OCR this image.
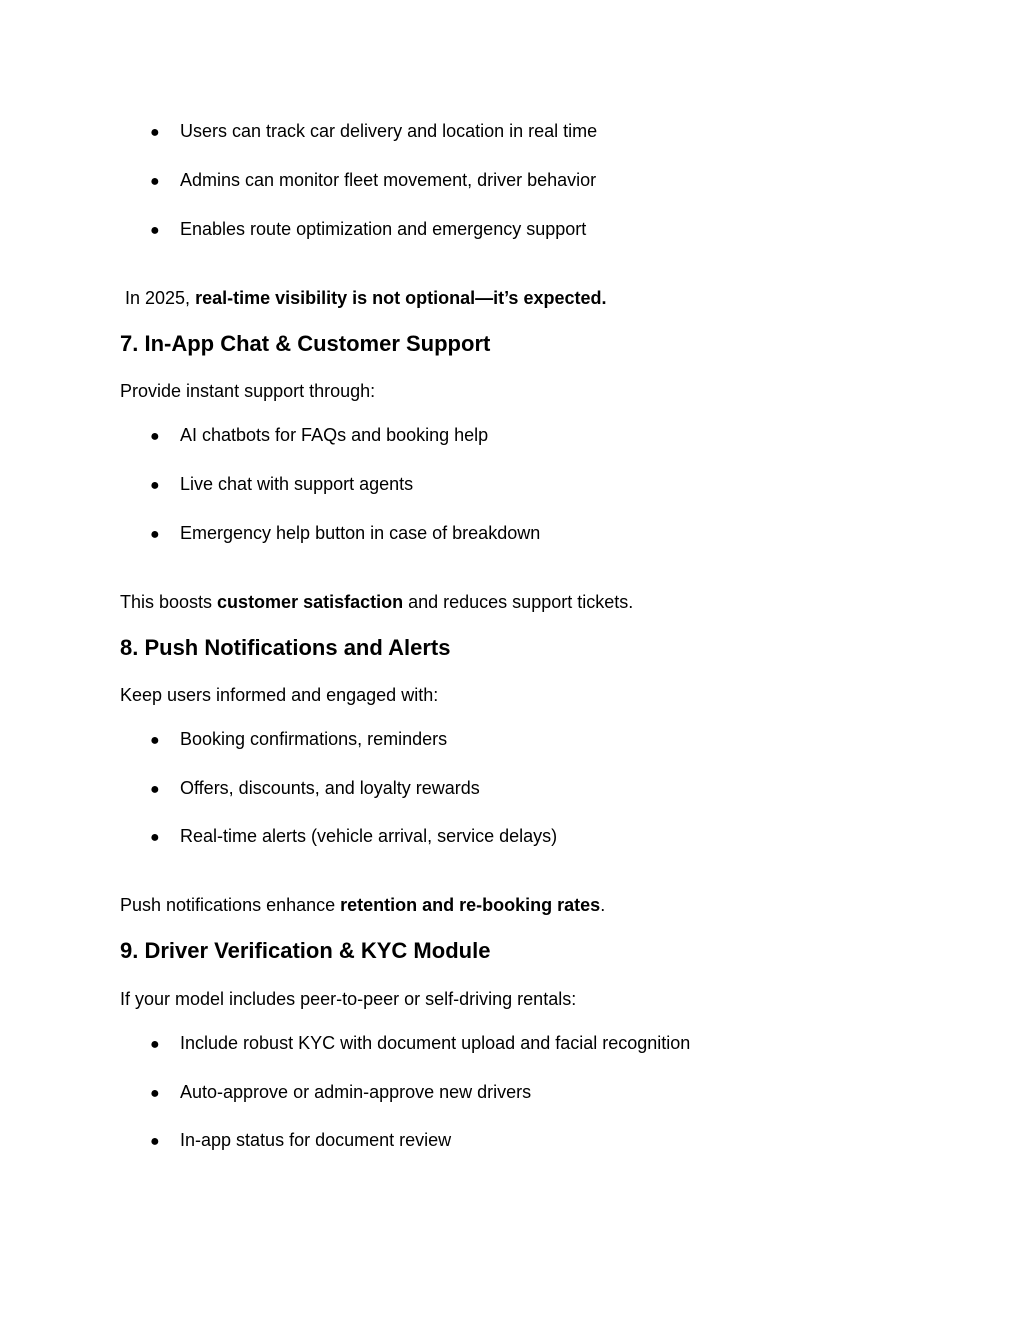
● Users can track car delivery and location in real time
● Admins can monitor fleet movement, driver behavior
● Enables route optimization and emergency support

In 2025, real-time visibility is not optional—it’s expected.

7. In-App Chat & Customer Support

Provide instant support through:

● AI chatbots for FAQs and booking help
● Live chat with support agents
● Emergency help button in case of breakdown

This boosts customer satisfaction and reduces support tickets.

8. Push Notifications and Alerts

Keep users informed and engaged with:

● Booking confirmations, reminders
● Offers, discounts, and loyalty rewards
● Real-time alerts (vehicle arrival, service delays)

Push notifications enhance retention and re-booking rates.

9. Driver Verification & KYC Module

If your model includes peer-to-peer or self-driving rentals:

● Include robust KYC with document upload and facial recognition
● Auto-approve or admin-approve new drivers
● In-app status for document review
